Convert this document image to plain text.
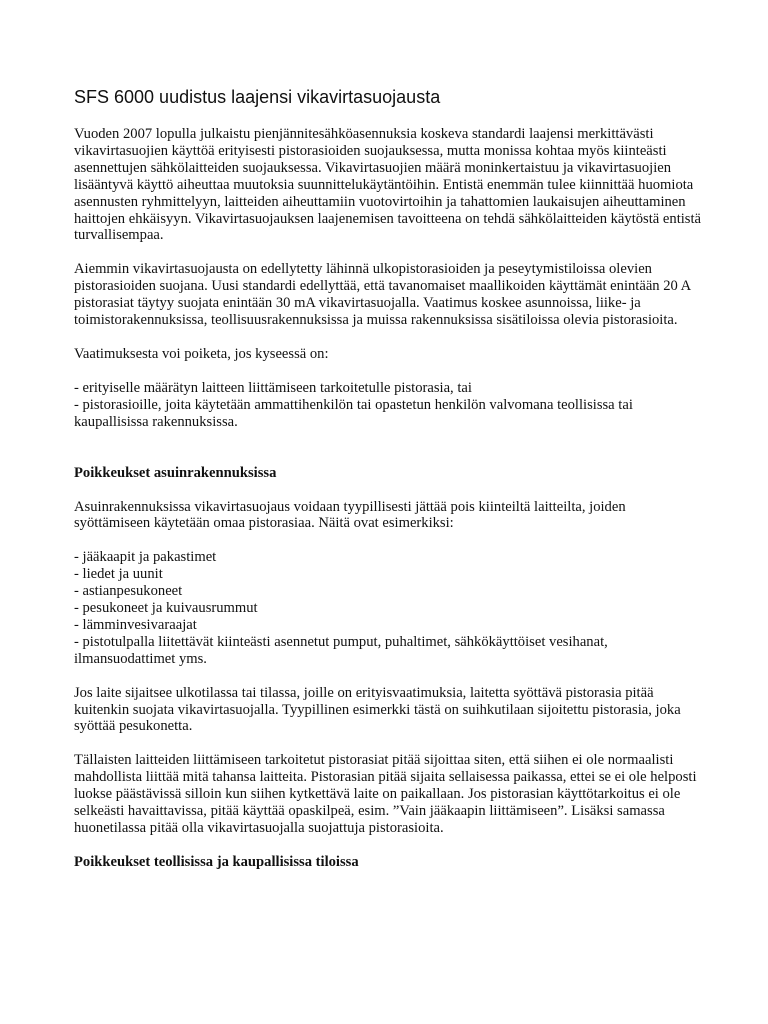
SFS 6000 uudistus laajensi vikavirtasuojausta

Vuoden 2007 lopulla julkaistu pienjännitesähköasennuksia koskeva standardi laajensi merkittävästi vikavirtasuojien käyttöä erityisesti pistorasioiden suojauksessa, mutta monissa kohtaa myös kiinteästi asennettujen sähkölaitteiden suojauksessa. Vikavirtasuojien määrä moninkertaistuu ja vikavirtasuojien lisääntyvä käyttö aiheuttaa muutoksia suunnittelukäytäntöihin. Entistä enemmän tulee kiinnittää huomiota asennusten ryhmittelyyn, laitteiden aiheuttamiin vuotovirtoihin ja tahattomien laukaisujen aiheuttaminen haittojen ehkäisyyn. Vikavirtasuojauksen laajenemisen tavoitteena on tehdä sähkölaitteiden käytöstä entistä turvallisempaa.

Aiemmin vikavirtasuojausta on edellytetty lähinnä ulkopistorasioiden ja peseytymistiloissa olevien pistorasioiden suojana. Uusi standardi edellyttää, että tavanomaiset maallikoiden käyttämät enintään 20 A pistorasiat täytyy suojata enintään 30 mA vikavirtasuojalla. Vaatimus koskee asunnoissa, liike- ja toimistorakennuksissa, teollisuusrakennuksissa ja muissa rakennuksissa sisätiloissa olevia pistorasioita.

Vaatimuksesta voi poiketa, jos kyseessä on:

- erityiselle määrätyn laitteen liittämiseen tarkoitetulle pistorasia, tai
- pistorasioille, joita käytetään ammattihenkilön tai opastetun henkilön valvomana teollisissa tai kaupallisissa rakennuksissa.

Poikkeukset asuinrakennuksissa

Asuinrakennuksissa vikavirtasuojaus voidaan tyypillisesti jättää pois kiinteiltä laitteilta, joiden syöttämiseen käytetään omaa pistorasiaa. Näitä ovat esimerkiksi:

- jääkaapit ja pakastimet
- liedet ja uunit
- astianpesukoneet
- pesukoneet ja kuivausrummut
- lämminvesivaraajat
- pistotulpalla liitettävät kiinteästi asennetut pumput, puhaltimet, sähkökäyttöiset vesihanat, ilmansuodattimet yms.

Jos laite sijaitsee ulkotilassa tai tilassa, joille on erityisvaatimuksia, laitetta syöttävä pistorasia pitää kuitenkin suojata vikavirtasuojalla. Tyypillinen esimerkki tästä on suihkutilaan sijoitettu pistorasia, joka syöttää pesukonetta.

Tällaisten laitteiden liittämiseen tarkoitetut pistorasiat pitää sijoittaa siten, että siihen ei ole normaalisti mahdollista liittää mitä tahansa laitteita. Pistorasian pitää sijaita sellaisessa paikassa, ettei se ei ole helposti luokse päästävissä silloin kun siihen kytkettävä laite on paikallaan. Jos pistorasian käyttötarkoitus ei ole selkeästi havaittavissa, pitää käyttää opaskilpeä, esim. ”Vain jääkaapin liittämiseen”. Lisäksi samassa huonetilassa pitää olla vikavirtasuojalla suojattuja pistorasioita.

Poikkeukset teollisissa ja kaupallisissa tiloissa
